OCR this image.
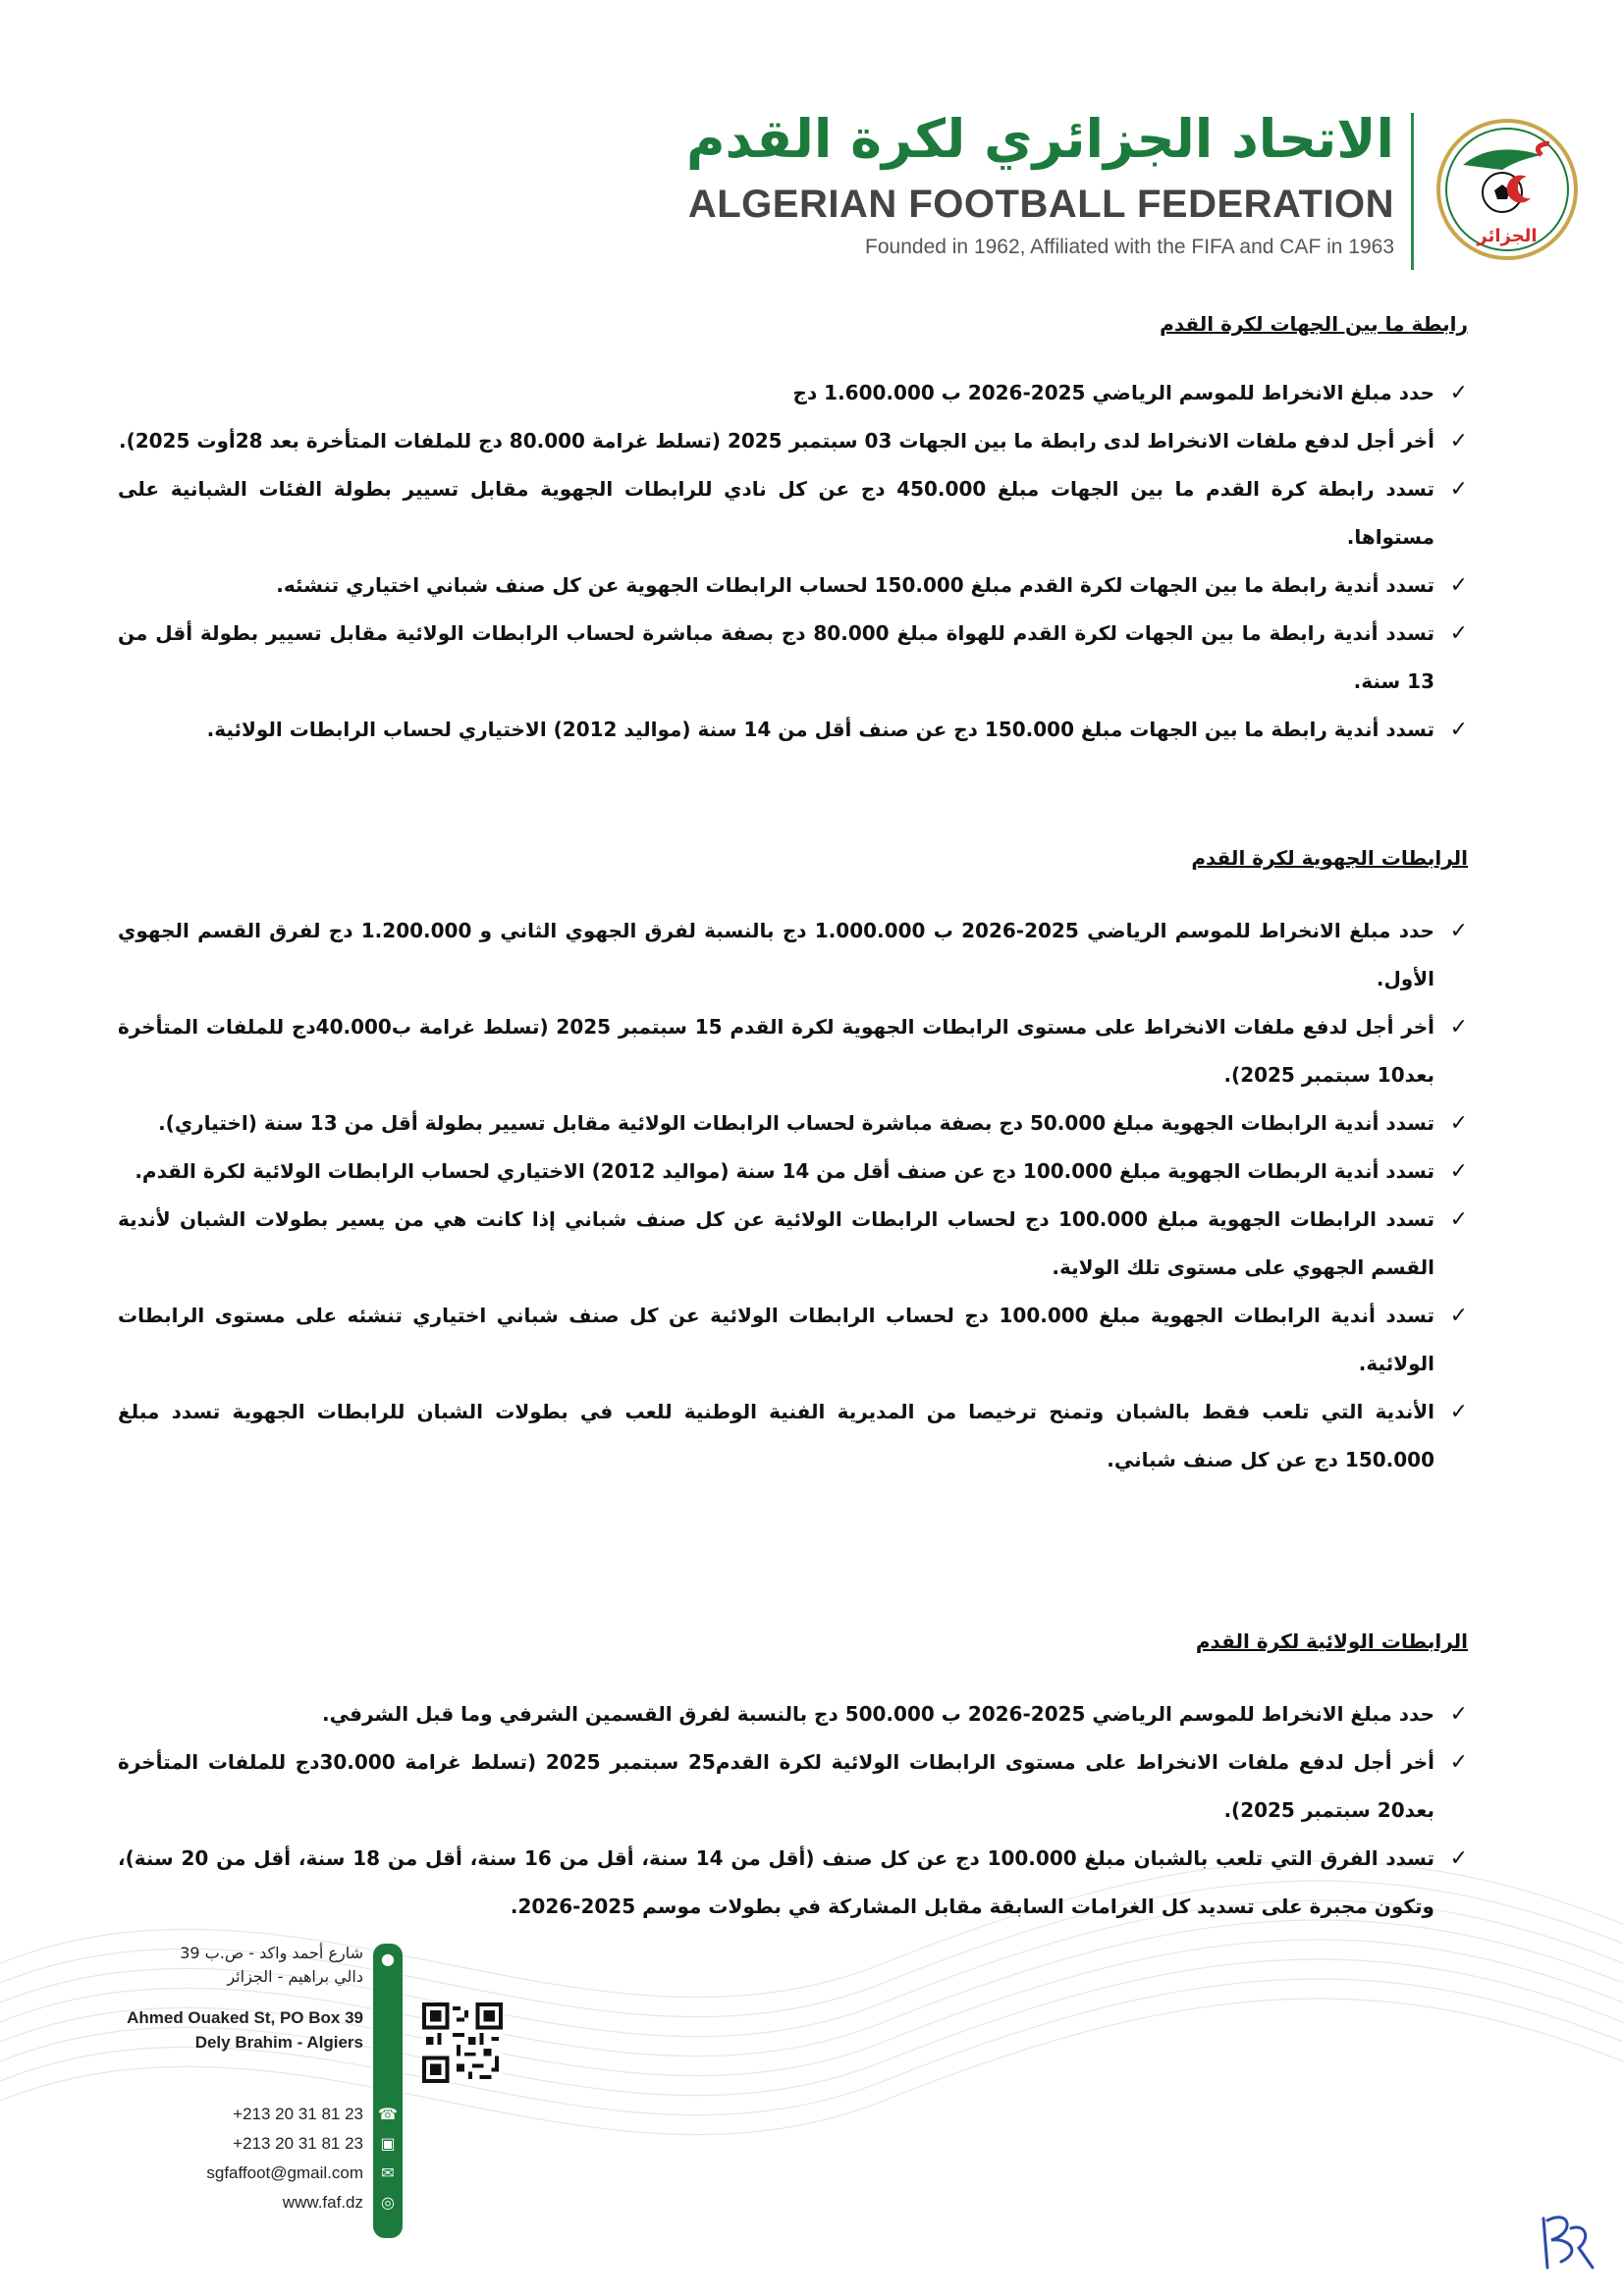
الاتحاد الجزائري لكرة القدم
ALGERIAN FOOTBALL FEDERATION
Founded in 1962, Affiliated with the FIFA and CAF in 1963	الجزائر

رابطة ما بين الجهات لكرة القدم

✓
حدد مبلغ الانخراط للموسم الرياضي 2025-2026 ب 1.600.000 دج
✓
أخر أجل لدفع ملفات الانخراط لدى رابطة ما بين الجهات 03 سبتمبر 2025 (تسلط غرامة 80.000 دج للملفات المتأخرة بعد 28أوت 2025).
✓
تسدد رابطة كرة القدم ما بين الجهات مبلغ 450.000 دج عن كل نادي للرابطات الجهوية مقابل تسيير بطولة الفئات الشبانية على مستواها.
✓
تسدد أندية رابطة ما بين الجهات لكرة القدم مبلغ 150.000 لحساب الرابطات الجهوية عن كل صنف شباني اختياري تنشئه.
✓
تسدد أندية رابطة ما بين الجهات لكرة القدم للهواة مبلغ 80.000 دج بصفة مباشرة لحساب الرابطات الولائية مقابل تسيير بطولة أقل من 13 سنة.
✓
تسدد أندية رابطة ما بين الجهات مبلغ 150.000 دج عن صنف أقل من 14 سنة (مواليد 2012) الاختياري لحساب الرابطات الولائية.

الرابطات الجهوية لكرة القدم

✓
حدد مبلغ الانخراط للموسم الرياضي 2025-2026 ب 1.000.000 دج بالنسبة لفرق الجهوي الثاني و 1.200.000 دج لفرق القسم الجهوي الأول.
✓
أخر أجل لدفع ملفات الانخراط على مستوى الرابطات الجهوية لكرة القدم 15 سبتمبر 2025 (تسلط غرامة ب40.000دج للملفات المتأخرة بعد10 سبتمبر 2025).
✓
تسدد أندية الرابطات الجهوية مبلغ 50.000 دج بصفة مباشرة لحساب الرابطات الولائية مقابل تسيير بطولة أقل من 13 سنة (اختياري).
✓
تسدد أندية الربطات الجهوية مبلغ 100.000 دج عن صنف أقل من 14 سنة (مواليد 2012) الاختياري لحساب الرابطات الولائية لكرة القدم.
✓
تسدد الرابطات الجهوية مبلغ 100.000 دج لحساب الرابطات الولائية عن كل صنف شباني إذا كانت هي من يسير بطولات الشبان لأندية القسم الجهوي على مستوى تلك الولاية.
✓
تسدد أندية الرابطات الجهوية مبلغ 100.000 دج لحساب الرابطات الولائية عن كل صنف شباني اختياري تنشئه على مستوى الرابطات الولائية.
✓
الأندية التي تلعب فقط بالشبان وتمنح ترخيصا من المديرية الفنية الوطنية للعب في بطولات الشبان للرابطات الجهوية تسدد مبلغ 150.000 دج عن كل صنف شباني.

الرابطات الولائية لكرة القدم

✓
حدد مبلغ الانخراط للموسم الرياضي 2025-2026 ب 500.000 دج بالنسبة لفرق القسمين الشرفي وما قبل الشرفي.
✓
أخر أجل لدفع ملفات الانخراط على مستوى الرابطات الولائية لكرة القدم25 سبتمبر 2025 (تسلط غرامة 30.000دج للملفات المتأخرة بعد20 سبتمبر 2025).
✓
تسدد الفرق التي تلعب بالشبان مبلغ 100.000 دج عن كل صنف (أقل من 14 سنة، أقل من 16 سنة، أقل من 18 سنة، أقل من 20 سنة)، وتكون مجبرة على تسديد كل الغرامات السابقة مقابل المشاركة في بطولات موسم 2025-2026.
●
☎
▣
✉
◎
شارع أحمد واكد - ص.ب 39
دالي براهيم - الجزائر
Ahmed Ouaked St, PO Box 39
Dely Brahim - Algiers
+213 20 31 81 23
+213 20 31 81 23
sgfaffoot@gmail.com
www.faf.dz
